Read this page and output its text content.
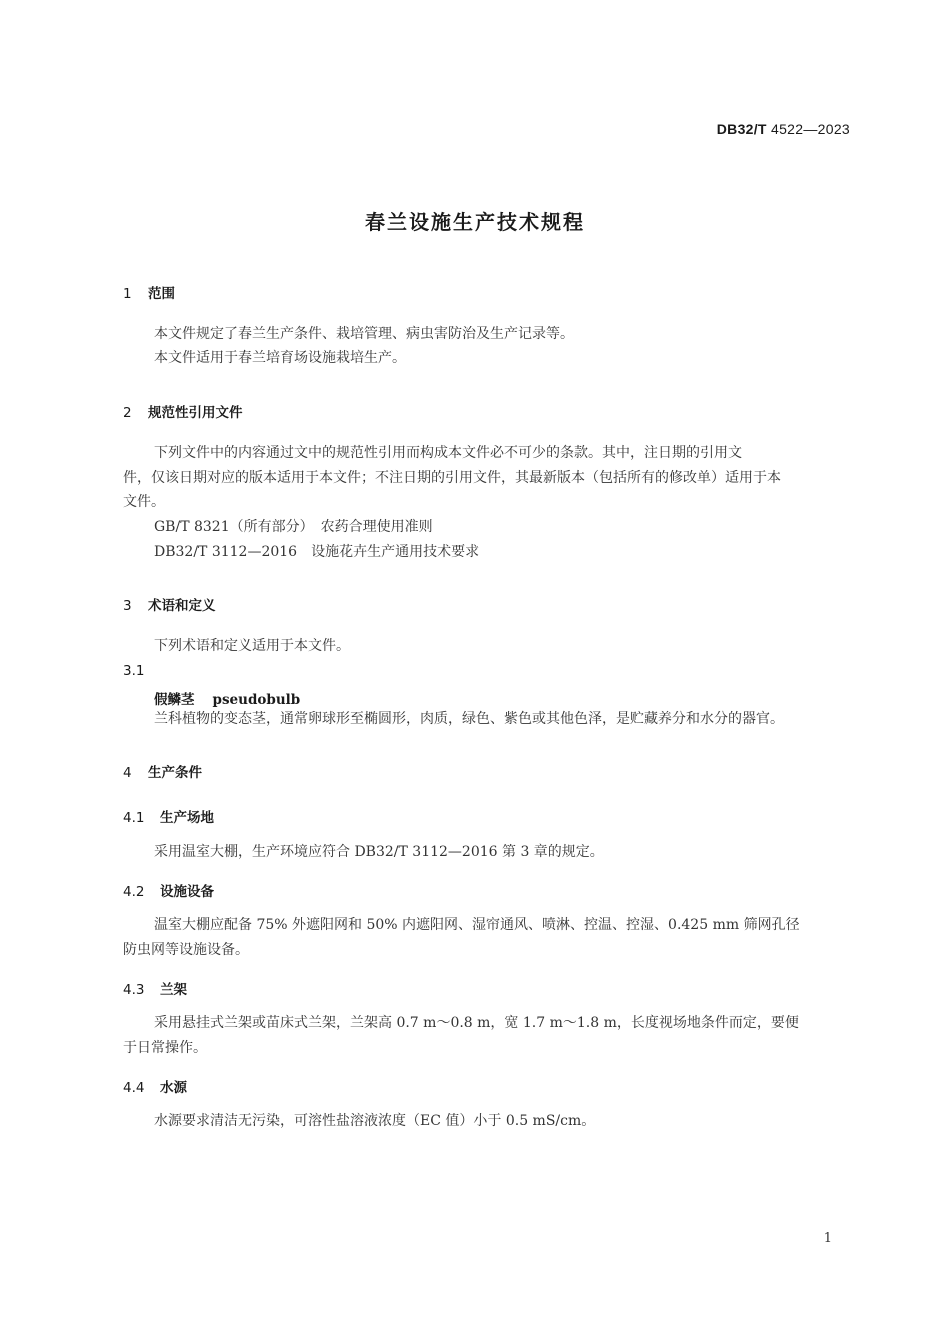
DB32/T 4522—2023
春兰设施生产技术规程
1 范围
本文件规定了春兰生产条件、栽培管理、病虫害防治及生产记录等。
本文件适用于春兰培育场设施栽培生产。
2 规范性引用文件
下列文件中的内容通过文中的规范性引用而构成本文件必不可少的条款。其中，注日期的引用文
件，仅该日期对应的版本适用于本文件；不注日期的引用文件，其最新版本（包括所有的修改单）适用于本
文件。
GB/T 8321（所有部分）　农药合理使用准则
DB32/T 3112—2016　设施花卉生产通用技术要求
3 术语和定义
下列术语和定义适用于本文件。
3.1
假鳞茎 pseudobulb
兰科植物的变态茎，通常卵球形至椭圆形，肉质，绿色、紫色或其他色泽，是贮藏养分和水分的器官。
4 生产条件
4.1 生产场地
采用温室大棚，生产环境应符合 DB32/T 3112—2016 第 3 章的规定。
4.2 设施设备
温室大棚应配备 75% 外遮阳网和 50% 内遮阳网、湿帘通风、喷淋、控温、控湿、0.425 mm 筛网孔径
防虫网等设施设备。
4.3 兰架
采用悬挂式兰架或苗床式兰架，兰架高 0.7 m～0.8 m，宽 1.7 m～1.8 m，长度视场地条件而定，要便
于日常操作。
4.4 水源
水源要求清洁无污染，可溶性盐溶液浓度（EC 值）小于 0.5 mS/cm。
1
